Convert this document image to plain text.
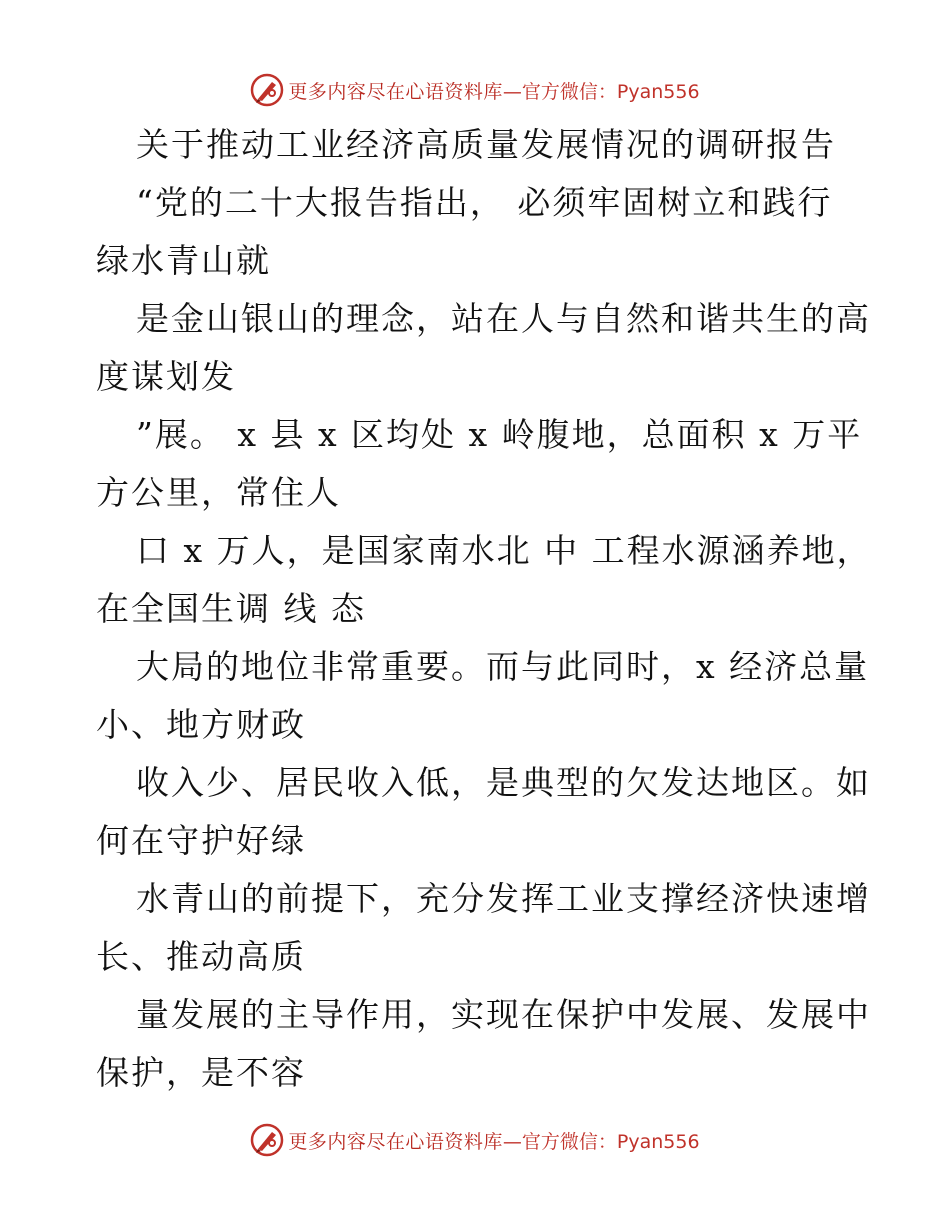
更多内容尽在心语资料库 —官方微信：Pyan556
关于推动工业经济高质量发展情况的调研报告
“党的二十大报告指出， 必须牢固树立和践行
绿水青山就
是金山银山的理念，站在人与自然和谐共生的高
度谋划发
”展。 x 县 x 区均处 x 岭腹地，总面积 x 万平
方公里，常住人
口 x 万人，是国家南水北 中 工程水源涵养地，
在全国生调 线 态
大局的地位非常重要。而与此同时，x 经济总量
小、地方财政
收入少、居民收入低，是典型的欠发达地区。如
何在守护好绿
水青山的前提下，充分发挥工业支撑经济快速增
长、推动高质
量发展的主导作用，实现在保护中发展、发展中
保护，是不容
更多内容尽在心语资料库 —官方微信：Pyan556
